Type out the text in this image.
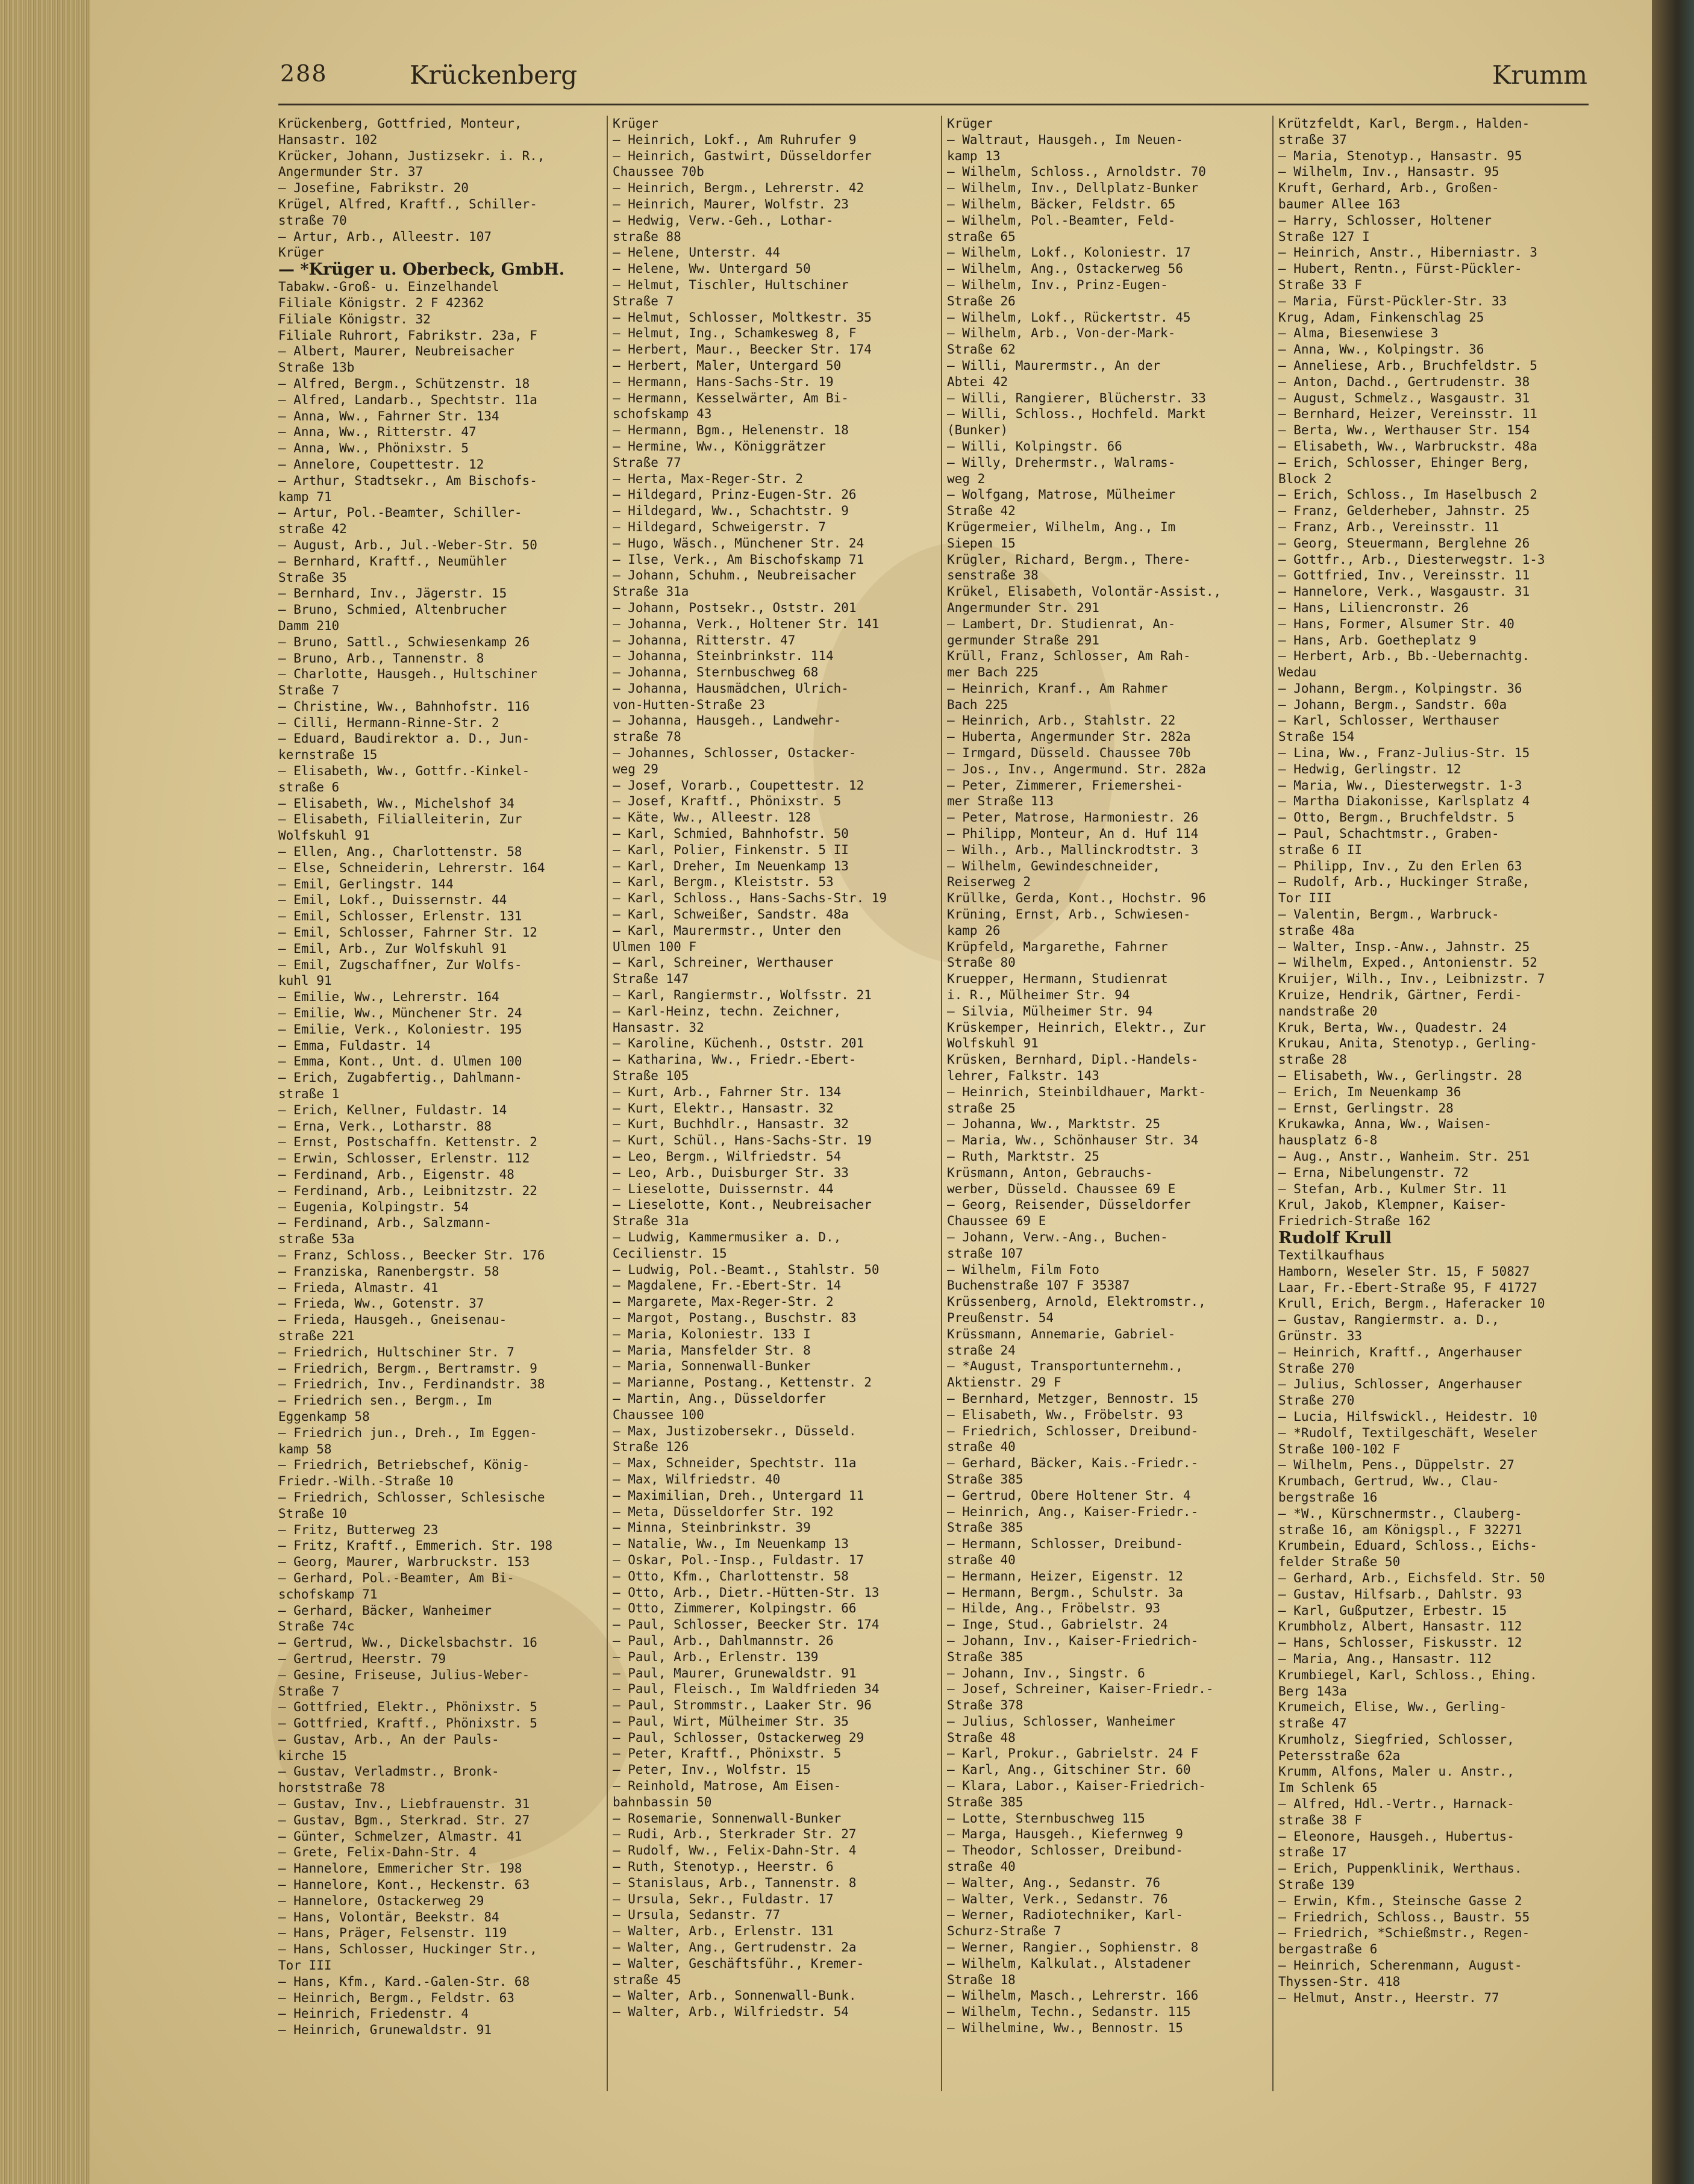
288	Krückenberg	Krumm

Krückenberg, Gottfried, Monteur,

Hansastr. 102

Krücker, Johann, Justizsekr. i. R.,

Angermunder Str. 37

— Josefine, Fabrikstr. 20

Krügel, Alfred, Kraftf., Schiller-

straße 70

— Artur, Arb., Alleestr. 107

Krüger

— *Krüger u. Oberbeck, GmbH.

Tabakw.-Groß- u. Einzelhandel

Filiale Königstr. 2 F 42362

Filiale Königstr. 32

Filiale Ruhrort, Fabrikstr. 23a, F

— Albert, Maurer, Neubreisacher

Straße 13b

— Alfred, Bergm., Schützenstr. 18

— Alfred, Landarb., Spechtstr. 11a

— Anna, Ww., Fahrner Str. 134

— Anna, Ww., Ritterstr. 47

— Anna, Ww., Phönixstr. 5

— Annelore, Coupettestr. 12

— Arthur, Stadtsekr., Am Bischofs-

kamp 71

— Artur, Pol.-Beamter, Schiller-

straße 42

— August, Arb., Jul.-Weber-Str. 50

— Bernhard, Kraftf., Neumühler

Straße 35

— Bernhard, Inv., Jägerstr. 15

— Bruno, Schmied, Altenbrucher

Damm 210

— Bruno, Sattl., Schwiesenkamp 26

— Bruno, Arb., Tannenstr. 8

— Charlotte, Hausgeh., Hultschiner

Straße 7

— Christine, Ww., Bahnhofstr. 116

— Cilli, Hermann-Rinne-Str. 2

— Eduard, Baudirektor a. D., Jun-

kernstraße 15

— Elisabeth, Ww., Gottfr.-Kinkel-

straße 6

— Elisabeth, Ww., Michelshof 34

— Elisabeth, Filialleiterin, Zur

Wolfskuhl 91

— Ellen, Ang., Charlottenstr. 58

— Else, Schneiderin, Lehrerstr. 164

— Emil, Gerlingstr. 144

— Emil, Lokf., Duissernstr. 44

— Emil, Schlosser, Erlenstr. 131

— Emil, Schlosser, Fahrner Str. 12

— Emil, Arb., Zur Wolfskuhl 91

— Emil, Zugschaffner, Zur Wolfs-

kuhl 91

— Emilie, Ww., Lehrerstr. 164

— Emilie, Ww., Münchener Str. 24

— Emilie, Verk., Koloniestr. 195

— Emma, Fuldastr. 14

— Emma, Kont., Unt. d. Ulmen 100

— Erich, Zugabfertig., Dahlmann-

straße 1

— Erich, Kellner, Fuldastr. 14

— Erna, Verk., Lotharstr. 88

— Ernst, Postschaffn. Kettenstr. 2

— Erwin, Schlosser, Erlenstr. 112

— Ferdinand, Arb., Eigenstr. 48

— Ferdinand, Arb., Leibnitzstr. 22

— Eugenia, Kolpingstr. 54

— Ferdinand, Arb., Salzmann-

straße 53a

— Franz, Schloss., Beecker Str. 176

— Franziska, Ranenbergstr. 58

— Frieda, Almastr. 41

— Frieda, Ww., Gotenstr. 37

— Frieda, Hausgeh., Gneisenau-

straße 221

— Friedrich, Hultschiner Str. 7

— Friedrich, Bergm., Bertramstr. 9

— Friedrich, Inv., Ferdinandstr. 38

— Friedrich sen., Bergm., Im

Eggenkamp 58

— Friedrich jun., Dreh., Im Eggen-

kamp 58

— Friedrich, Betriebschef, König-

Friedr.-Wilh.-Straße 10

— Friedrich, Schlosser, Schlesische

Straße 10

— Fritz, Butterweg 23

— Fritz, Kraftf., Emmerich. Str. 198

— Georg, Maurer, Warbruckstr. 153

— Gerhard, Pol.-Beamter, Am Bi-

schofskamp 71

— Gerhard, Bäcker, Wanheimer

Straße 74c

— Gertrud, Ww., Dickelsbachstr. 16

— Gertrud, Heerstr. 79

— Gesine, Friseuse, Julius-Weber-

Straße 7

— Gottfried, Elektr., Phönixstr. 5

— Gottfried, Kraftf., Phönixstr. 5

— Gustav, Arb., An der Pauls-

kirche 15

— Gustav, Verladmstr., Bronk-

horststraße 78

— Gustav, Inv., Liebfrauenstr. 31

— Gustav, Bgm., Sterkrad. Str. 27

— Günter, Schmelzer, Almastr. 41

— Grete, Felix-Dahn-Str. 4

— Hannelore, Emmericher Str. 198

— Hannelore, Kont., Heckenstr. 63

— Hannelore, Ostackerweg 29

— Hans, Volontär, Beekstr. 84

— Hans, Präger, Felsenstr. 119

— Hans, Schlosser, Huckinger Str.,

Tor III

— Hans, Kfm., Kard.-Galen-Str. 68

— Heinrich, Bergm., Feldstr. 63

— Heinrich, Friedenstr. 4

— Heinrich, Grunewaldstr. 91

Krüger

— Heinrich, Lokf., Am Ruhrufer 9

— Heinrich, Gastwirt, Düsseldorfer

Chaussee 70b

— Heinrich, Bergm., Lehrerstr. 42

— Heinrich, Maurer, Wolfstr. 23

— Hedwig, Verw.-Geh., Lothar-

straße 88

— Helene, Unterstr. 44

— Helene, Ww. Untergard 50

— Helmut, Tischler, Hultschiner

Straße 7

— Helmut, Schlosser, Moltkestr. 35

— Helmut, Ing., Schamkesweg 8, F

— Herbert, Maur., Beecker Str. 174

— Herbert, Maler, Untergard 50

— Hermann, Hans-Sachs-Str. 19

— Hermann, Kesselwärter, Am Bi-

schofskamp 43

— Hermann, Bgm., Helenenstr. 18

— Hermine, Ww., Königgrätzer

Straße 77

— Herta, Max-Reger-Str. 2

— Hildegard, Prinz-Eugen-Str. 26

— Hildegard, Ww., Schachtstr. 9

— Hildegard, Schweigerstr. 7

— Hugo, Wäsch., Münchener Str. 24

— Ilse, Verk., Am Bischofskamp 71

— Johann, Schuhm., Neubreisacher

Straße 31a

— Johann, Postsekr., Oststr. 201

— Johanna, Verk., Holtener Str. 141

— Johanna, Ritterstr. 47

— Johanna, Steinbrinkstr. 114

— Johanna, Sternbuschweg 68

— Johanna, Hausmädchen, Ulrich-

von-Hutten-Straße 23

— Johanna, Hausgeh., Landwehr-

straße 78

— Johannes, Schlosser, Ostacker-

weg 29

— Josef, Vorarb., Coupettestr. 12

— Josef, Kraftf., Phönixstr. 5

— Käte, Ww., Alleestr. 128

— Karl, Schmied, Bahnhofstr. 50

— Karl, Polier, Finkenstr. 5 II

— Karl, Dreher, Im Neuenkamp 13

— Karl, Bergm., Kleiststr. 53

— Karl, Schloss., Hans-Sachs-Str. 19

— Karl, Schweißer, Sandstr. 48a

— Karl, Maurermstr., Unter den

Ulmen 100 F

— Karl, Schreiner, Werthauser

Straße 147

— Karl, Rangiermstr., Wolfsstr. 21

— Karl-Heinz, techn. Zeichner,

Hansastr. 32

— Karoline, Küchenh., Oststr. 201

— Katharina, Ww., Friedr.-Ebert-

Straße 105

— Kurt, Arb., Fahrner Str. 134

— Kurt, Elektr., Hansastr. 32

— Kurt, Buchhdlr., Hansastr. 32

— Kurt, Schül., Hans-Sachs-Str. 19

— Leo, Bergm., Wilfriedstr. 54

— Leo, Arb., Duisburger Str. 33

— Lieselotte, Duissernstr. 44

— Lieselotte, Kont., Neubreisacher

Straße 31a

— Ludwig, Kammermusiker a. D.,

Cecilienstr. 15

— Ludwig, Pol.-Beamt., Stahlstr. 50

— Magdalene, Fr.-Ebert-Str. 14

— Margarete, Max-Reger-Str. 2

— Margot, Postang., Buschstr. 83

— Maria, Koloniestr. 133 I

— Maria, Mansfelder Str. 8

— Maria, Sonnenwall-Bunker

— Marianne, Postang., Kettenstr. 2

— Martin, Ang., Düsseldorfer

Chaussee 100

— Max, Justizobersekr., Düsseld.

Straße 126

— Max, Schneider, Spechtstr. 11a

— Max, Wilfriedstr. 40

— Maximilian, Dreh., Untergard 11

— Meta, Düsseldorfer Str. 192

— Minna, Steinbrinkstr. 39

— Natalie, Ww., Im Neuenkamp 13

— Oskar, Pol.-Insp., Fuldastr. 17

— Otto, Kfm., Charlottenstr. 58

— Otto, Arb., Dietr.-Hütten-Str. 13

— Otto, Zimmerer, Kolpingstr. 66

— Paul, Schlosser, Beecker Str. 174

— Paul, Arb., Dahlmannstr. 26

— Paul, Arb., Erlenstr. 139

— Paul, Maurer, Grunewaldstr. 91

— Paul, Fleisch., Im Waldfrieden 34

— Paul, Strommstr., Laaker Str. 96

— Paul, Wirt, Mülheimer Str. 35

— Paul, Schlosser, Ostackerweg 29

— Peter, Kraftf., Phönixstr. 5

— Peter, Inv., Wolfstr. 15

— Reinhold, Matrose, Am Eisen-

bahnbassin 50

— Rosemarie, Sonnenwall-Bunker

— Rudi, Arb., Sterkrader Str. 27

— Rudolf, Ww., Felix-Dahn-Str. 4

— Ruth, Stenotyp., Heerstr. 6

— Stanislaus, Arb., Tannenstr. 8

— Ursula, Sekr., Fuldastr. 17

— Ursula, Sedanstr. 77

— Walter, Arb., Erlenstr. 131

— Walter, Ang., Gertrudenstr. 2a

— Walter, Geschäftsführ., Kremer-

straße 45

— Walter, Arb., Sonnenwall-Bunk.

— Walter, Arb., Wilfriedstr. 54

Krüger

— Waltraut, Hausgeh., Im Neuen-

kamp 13

— Wilhelm, Schloss., Arnoldstr. 70

— Wilhelm, Inv., Dellplatz-Bunker

— Wilhelm, Bäcker, Feldstr. 65

— Wilhelm, Pol.-Beamter, Feld-

straße 65

— Wilhelm, Lokf., Koloniestr. 17

— Wilhelm, Ang., Ostackerweg 56

— Wilhelm, Inv., Prinz-Eugen-

Straße 26

— Wilhelm, Lokf., Rückertstr. 45

— Wilhelm, Arb., Von-der-Mark-

Straße 62

— Willi, Maurermstr., An der

Abtei 42

— Willi, Rangierer, Blücherstr. 33

— Willi, Schloss., Hochfeld. Markt

(Bunker)

— Willi, Kolpingstr. 66

— Willy, Drehermstr., Walrams-

weg 2

— Wolfgang, Matrose, Mülheimer

Straße 42

Krügermeier, Wilhelm, Ang., Im

Siepen 15

Krügler, Richard, Bergm., There-

senstraße 38

Krükel, Elisabeth, Volontär-Assist.,

Angermunder Str. 291

— Lambert, Dr. Studienrat, An-

germunder Straße 291

Krüll, Franz, Schlosser, Am Rah-

mer Bach 225

— Heinrich, Kranf., Am Rahmer

Bach 225

— Heinrich, Arb., Stahlstr. 22

— Huberta, Angermunder Str. 282a

— Irmgard, Düsseld. Chaussee 70b

— Jos., Inv., Angermund. Str. 282a

— Peter, Zimmerer, Friemershei-

mer Straße 113

— Peter, Matrose, Harmoniestr. 26

— Philipp, Monteur, An d. Huf 114

— Wilh., Arb., Mallinckrodtstr. 3

— Wilhelm, Gewindeschneider,

Reiserweg 2

Krüllke, Gerda, Kont., Hochstr. 96

Krüning, Ernst, Arb., Schwiesen-

kamp 26

Krüpfeld, Margarethe, Fahrner

Straße 80

Kruepper, Hermann, Studienrat

i. R., Mülheimer Str. 94

— Silvia, Mülheimer Str. 94

Krüskemper, Heinrich, Elektr., Zur

Wolfskuhl 91

Krüsken, Bernhard, Dipl.-Handels-

lehrer, Falkstr. 143

— Heinrich, Steinbildhauer, Markt-

straße 25

— Johanna, Ww., Marktstr. 25

— Maria, Ww., Schönhauser Str. 34

— Ruth, Marktstr. 25

Krüsmann, Anton, Gebrauchs-

werber, Düsseld. Chaussee 69 E

— Georg, Reisender, Düsseldorfer

Chaussee 69 E

— Johann, Verw.-Ang., Buchen-

straße 107

— Wilhelm, Film Foto

Buchenstraße 107 F 35387

Krüssenberg, Arnold, Elektromstr.,

Preußenstr. 54

Krüssmann, Annemarie, Gabriel-

straße 24

— *August, Transportunternehm.,

Aktienstr. 29 F

— Bernhard, Metzger, Bennostr. 15

— Elisabeth, Ww., Fröbelstr. 93

— Friedrich, Schlosser, Dreibund-

straße 40

— Gerhard, Bäcker, Kais.-Friedr.-

Straße 385

— Gertrud, Obere Holtener Str. 4

— Heinrich, Ang., Kaiser-Friedr.-

Straße 385

— Hermann, Schlosser, Dreibund-

straße 40

— Hermann, Heizer, Eigenstr. 12

— Hermann, Bergm., Schulstr. 3a

— Hilde, Ang., Fröbelstr. 93

— Inge, Stud., Gabrielstr. 24

— Johann, Inv., Kaiser-Friedrich-

Straße 385

— Johann, Inv., Singstr. 6

— Josef, Schreiner, Kaiser-Friedr.-

Straße 378

— Julius, Schlosser, Wanheimer

Straße 48

— Karl, Prokur., Gabrielstr. 24 F

— Karl, Ang., Gitschiner Str. 60

— Klara, Labor., Kaiser-Friedrich-

Straße 385

— Lotte, Sternbuschweg 115

— Marga, Hausgeh., Kiefernweg 9

— Theodor, Schlosser, Dreibund-

straße 40

— Walter, Ang., Sedanstr. 76

— Walter, Verk., Sedanstr. 76

— Werner, Radiotechniker, Karl-

Schurz-Straße 7

— Werner, Rangier., Sophienstr. 8

— Wilhelm, Kalkulat., Alstadener

Straße 18

— Wilhelm, Masch., Lehrerstr. 166

— Wilhelm, Techn., Sedanstr. 115

— Wilhelmine, Ww., Bennostr. 15

Krützfeldt, Karl, Bergm., Halden-

straße 37

— Maria, Stenotyp., Hansastr. 95

— Wilhelm, Inv., Hansastr. 95

Kruft, Gerhard, Arb., Großen-

baumer Allee 163

— Harry, Schlosser, Holtener

Straße 127 I

— Heinrich, Anstr., Hiberniastr. 3

— Hubert, Rentn., Fürst-Pückler-

Straße 33 F

— Maria, Fürst-Pückler-Str. 33

Krug, Adam, Finkenschlag 25

— Alma, Biesenwiese 3

— Anna, Ww., Kolpingstr. 36

— Anneliese, Arb., Bruchfeldstr. 5

— Anton, Dachd., Gertrudenstr. 38

— August, Schmelz., Wasgaustr. 31

— Bernhard, Heizer, Vereinsstr. 11

— Berta, Ww., Werthauser Str. 154

— Elisabeth, Ww., Warbruckstr. 48a

— Erich, Schlosser, Ehinger Berg,

Block 2

— Erich, Schloss., Im Haselbusch 2

— Franz, Gelderheber, Jahnstr. 25

— Franz, Arb., Vereinsstr. 11

— Georg, Steuermann, Berglehne 26

— Gottfr., Arb., Diesterwegstr. 1-3

— Gottfried, Inv., Vereinsstr. 11

— Hannelore, Verk., Wasgaustr. 31

— Hans, Liliencronstr. 26

— Hans, Former, Alsumer Str. 40

— Hans, Arb. Goetheplatz 9

— Herbert, Arb., Bb.-Uebernachtg.

Wedau

— Johann, Bergm., Kolpingstr. 36

— Johann, Bergm., Sandstr. 60a

— Karl, Schlosser, Werthauser

Straße 154

— Lina, Ww., Franz-Julius-Str. 15

— Hedwig, Gerlingstr. 12

— Maria, Ww., Diesterwegstr. 1-3

— Martha Diakonisse, Karlsplatz 4

— Otto, Bergm., Bruchfeldstr. 5

— Paul, Schachtmstr., Graben-

straße 6 II

— Philipp, Inv., Zu den Erlen 63

— Rudolf, Arb., Huckinger Straße,

Tor III

— Valentin, Bergm., Warbruck-

straße 48a

— Walter, Insp.-Anw., Jahnstr. 25

— Wilhelm, Exped., Antonienstr. 52

Kruijer, Wilh., Inv., Leibnizstr. 7

Kruize, Hendrik, Gärtner, Ferdi-

nandstraße 20

Kruk, Berta, Ww., Quadestr. 24

Krukau, Anita, Stenotyp., Gerling-

straße 28

— Elisabeth, Ww., Gerlingstr. 28

— Erich, Im Neuenkamp 36

— Ernst, Gerlingstr. 28

Krukawka, Anna, Ww., Waisen-

hausplatz 6-8

— Aug., Anstr., Wanheim. Str. 251

— Erna, Nibelungenstr. 72

— Stefan, Arb., Kulmer Str. 11

Krul, Jakob, Klempner, Kaiser-

Friedrich-Straße 162

Rudolf Krull

Textilkaufhaus

Hamborn, Weseler Str. 15, F 50827

Laar, Fr.-Ebert-Straße 95, F 41727

Krull, Erich, Bergm., Haferacker 10

— Gustav, Rangiermstr. a. D.,

Grünstr. 33

— Heinrich, Kraftf., Angerhauser

Straße 270

— Julius, Schlosser, Angerhauser

Straße 270

— Lucia, Hilfswickl., Heidestr. 10

— *Rudolf, Textilgeschäft, Weseler

Straße 100-102 F

— Wilhelm, Pens., Düppelstr. 27

Krumbach, Gertrud, Ww., Clau-

bergstraße 16

— *W., Kürschnermstr., Clauberg-

straße 16, am Königspl., F 32271

Krumbein, Eduard, Schloss., Eichs-

felder Straße 50

— Gerhard, Arb., Eichsfeld. Str. 50

— Gustav, Hilfsarb., Dahlstr. 93

— Karl, Gußputzer, Erbestr. 15

Krumbholz, Albert, Hansastr. 112

— Hans, Schlosser, Fiskusstr. 12

— Maria, Ang., Hansastr. 112

Krumbiegel, Karl, Schloss., Ehing.

Berg 143a

Krumeich, Elise, Ww., Gerling-

straße 47

Krumholz, Siegfried, Schlosser,

Petersstraße 62a

Krumm, Alfons, Maler u. Anstr.,

Im Schlenk 65

— Alfred, Hdl.-Vertr., Harnack-

straße 38 F

— Eleonore, Hausgeh., Hubertus-

straße 17

— Erich, Puppenklinik, Werthaus.

Straße 139

— Erwin, Kfm., Steinsche Gasse 2

— Friedrich, Schloss., Baustr. 55

— Friedrich, *Schießmstr., Regen-

bergastraße 6

— Heinrich, Scherenmann, August-

Thyssen-Str. 418

— Helmut, Anstr., Heerstr. 77
